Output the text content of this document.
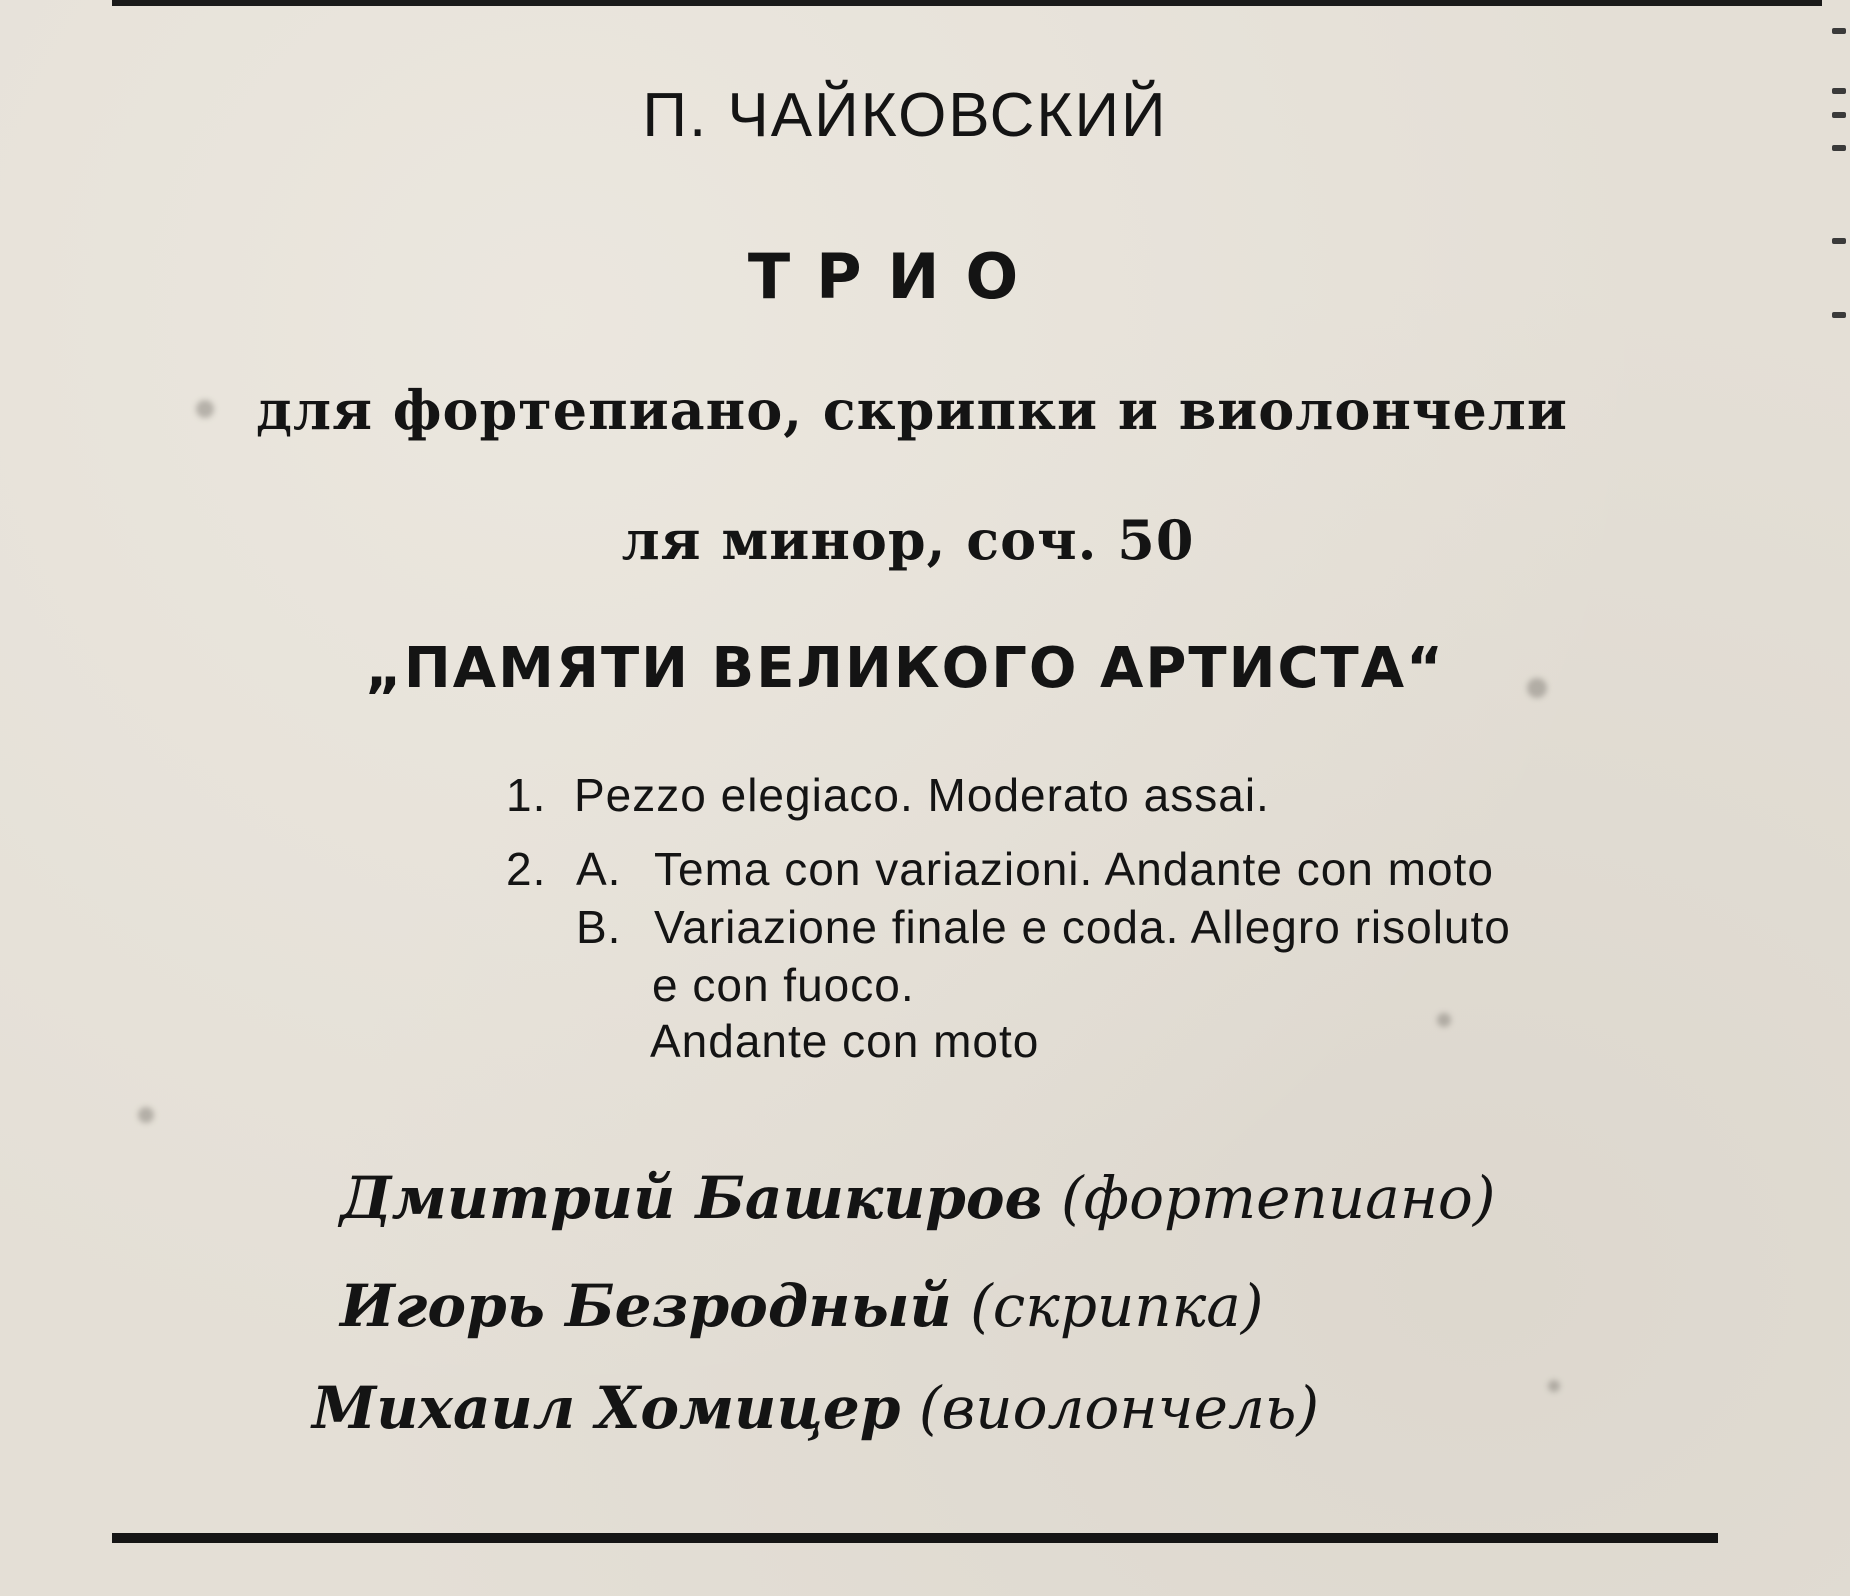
П. ЧАЙКОВСКИЙ
ТРИО
для фортепиано, скрипки и виолончели
ля минор, соч. 50
„ПАМЯТИ ВЕЛИКОГО АРТИСТА“
1. Pezzo elegiaco. Moderato assai.
2. A. Tema con variazioni. Andante con moto
B. Variazione finale e coda. Allegro risoluto
e con fuoco.
Andante con moto
Дмитрий Башкиров (фортепиано)
Игорь Безродный (скрипка)
Михаил Хомицер (виолончель)
